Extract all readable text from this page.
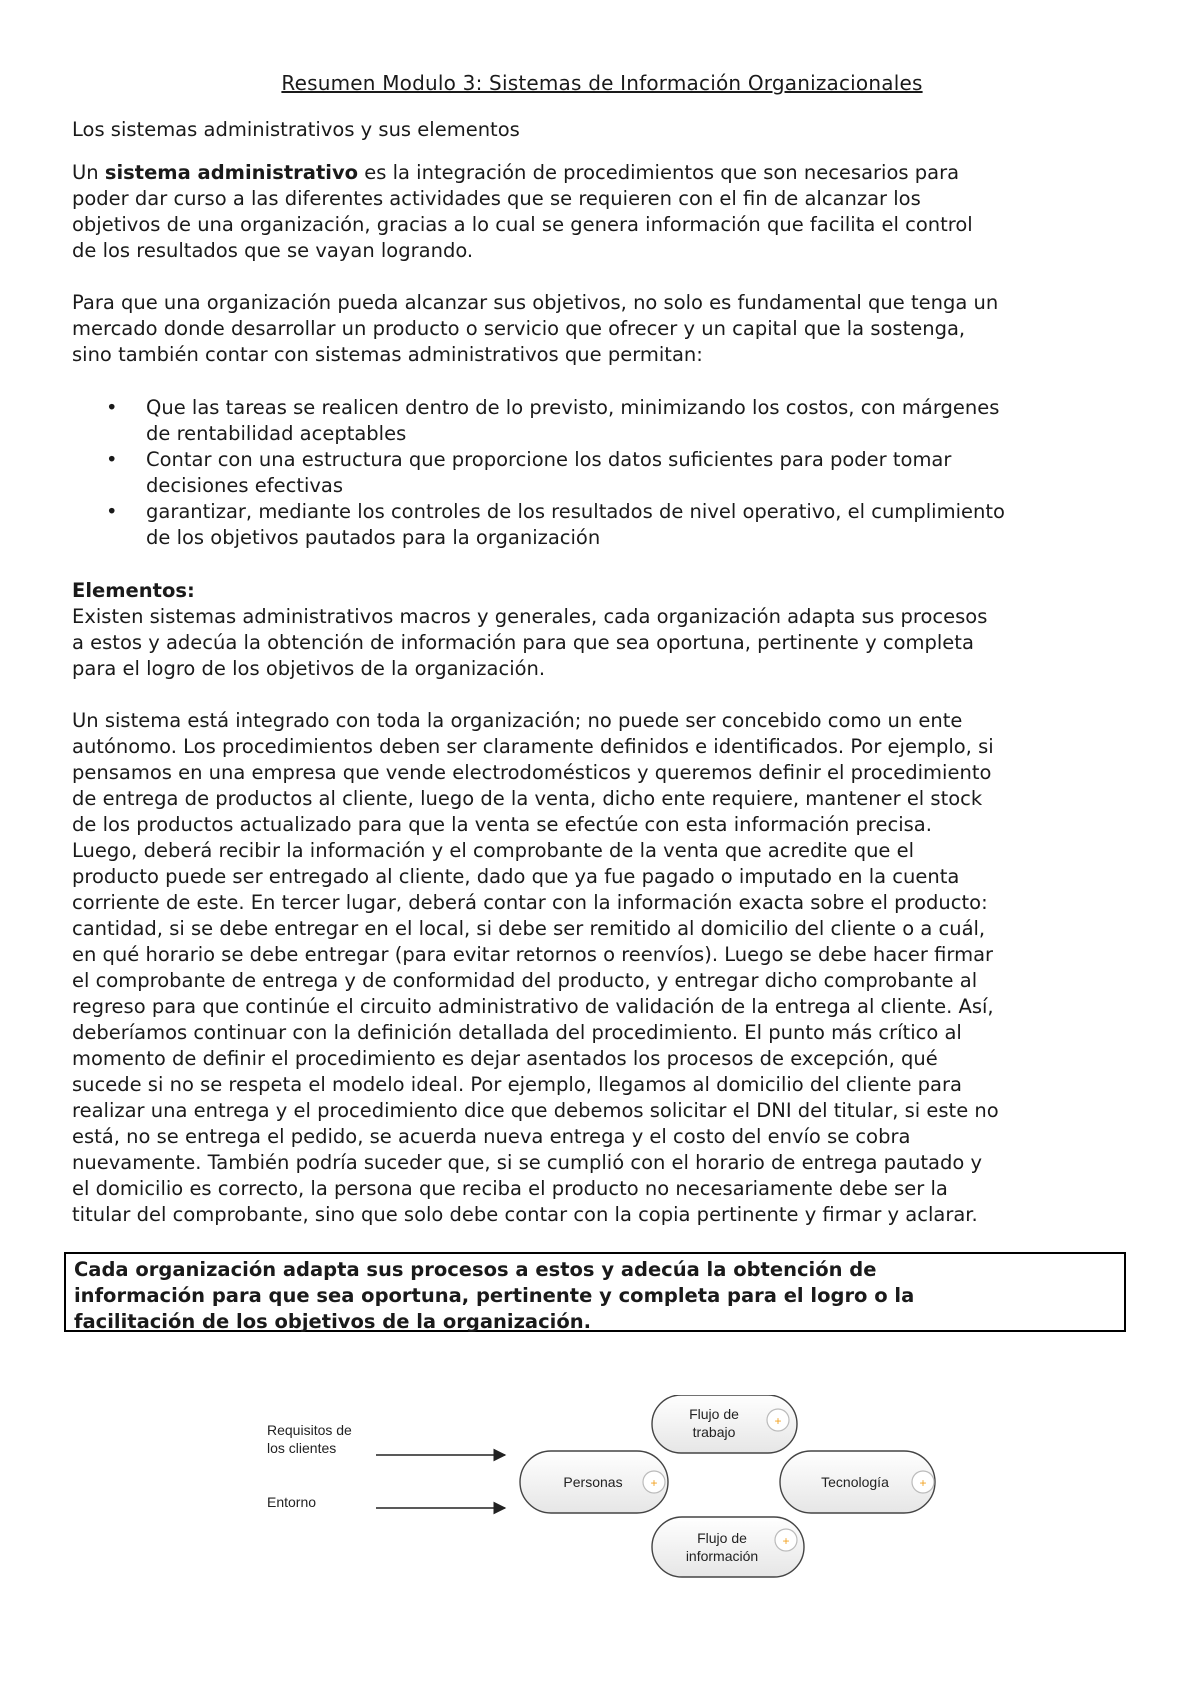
Resumen Modulo 3: Sistemas de Información Organizacionales

Los sistemas administrativos y sus elementos

Un sistema administrativo es la integración de procedimientos que son necesarios para
poder dar curso a las diferentes actividades que se requieren con el fin de alcanzar los
objetivos de una organización, gracias a lo cual se genera información que facilita el control
de los resultados que se vayan logrando.

Para que una organización pueda alcanzar sus objetivos, no solo es fundamental que tenga un
mercado donde desarrollar un producto o servicio que ofrecer y un capital que la sostenga,
sino también contar con sistemas administrativos que permitan:

• Que las tareas se realicen dentro de lo previsto, minimizando los costos, con márgenes
de rentabilidad aceptables
• Contar con una estructura que proporcione los datos suficientes para poder tomar
decisiones efectivas
• garantizar, mediante los controles de los resultados de nivel operativo, el cumplimiento
de los objetivos pautados para la organización
Elementos:

Existen sistemas administrativos macros y generales, cada organización adapta sus procesos
a estos y adecúa la obtención de información para que sea oportuna, pertinente y completa
para el logro de los objetivos de la organización.

Un sistema está integrado con toda la organización; no puede ser concebido como un ente
autónomo. Los procedimientos deben ser claramente definidos e identificados. Por ejemplo, si
pensamos en una empresa que vende electrodomésticos y queremos definir el procedimiento
de entrega de productos al cliente, luego de la venta, dicho ente requiere, mantener el stock
de los productos actualizado para que la venta se efectúe con esta información precisa.
Luego, deberá recibir la información y el comprobante de la venta que acredite que el
producto puede ser entregado al cliente, dado que ya fue pagado o imputado en la cuenta
corriente de este. En tercer lugar, deberá contar con la información exacta sobre el producto:
cantidad, si se debe entregar en el local, si debe ser remitido al domicilio del cliente o a cuál,
en qué horario se debe entregar (para evitar retornos o reenvíos). Luego se debe hacer firmar
el comprobante de entrega y de conformidad del producto, y entregar dicho comprobante al
regreso para que continúe el circuito administrativo de validación de la entrega al cliente. Así,
deberíamos continuar con la definición detallada del procedimiento. El punto más crítico al
momento de definir el procedimiento es dejar asentados los procesos de excepción, qué
sucede si no se respeta el modelo ideal. Por ejemplo, llegamos al domicilio del cliente para
realizar una entrega y el procedimiento dice que debemos solicitar el DNI del titular, si este no
está, no se entrega el pedido, se acuerda nueva entrega y el costo del envío se cobra
nuevamente. También podría suceder que, si se cumplió con el horario de entrega pautado y
el domicilio es correcto, la persona que reciba el producto no necesariamente debe ser la
titular del comprobante, sino que solo debe contar con la copia pertinente y firmar y aclarar.

Cada organización adapta sus procesos a estos y adecúa la obtención de
información para que sea oportuna, pertinente y completa para el logro o la
facilitación de los objetivos de la organización.
Requisitos de
los clientes
Entorno
Flujo de
trabajo
+
Personas +	Tecnología	+
Flujo de
información
+
